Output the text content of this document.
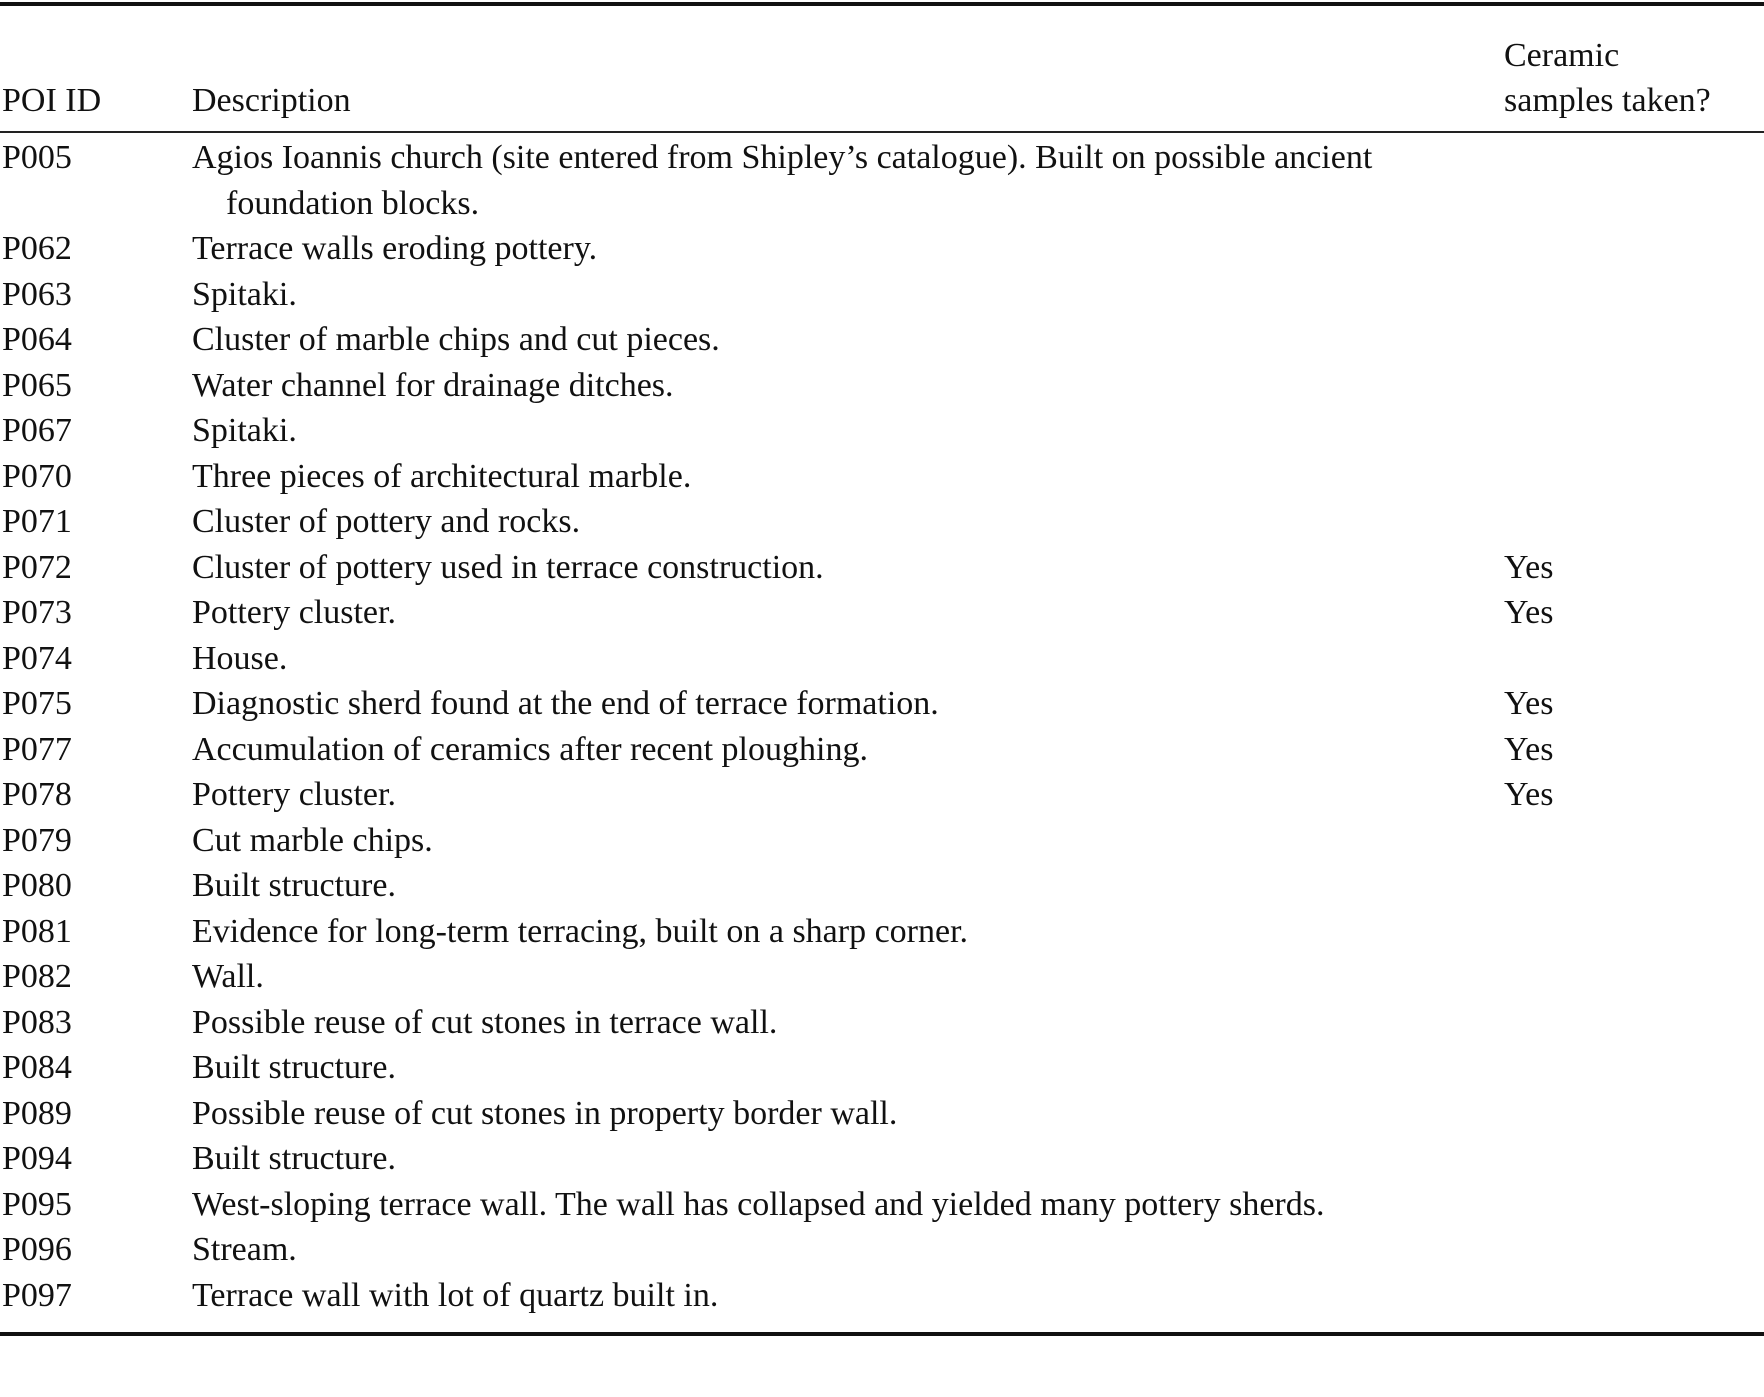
POI ID	Description	Ceramic
samples taken?

P005	Agios Ioannis church (site entered from Shipley’s catalogue). Built on possible ancient foundation blocks.	

P062	Terrace walls eroding pottery.	

P063	Spitaki.	

P064	Cluster of marble chips and cut pieces.	

P065	Water channel for drainage ditches.	

P067	Spitaki.	

P070	Three pieces of architectural marble.	

P071	Cluster of pottery and rocks.	

P072	Cluster of pottery used in terrace construction.	Yes
P073	Pottery cluster.	Yes
P074	House.	

P075	Diagnostic sherd found at the end of terrace formation.	Yes
P077	Accumulation of ceramics after recent ploughing.	Yes
P078	Pottery cluster.	Yes
P079	Cut marble chips.	

P080	Built structure.	

P081	Evidence for long-term terracing, built on a sharp corner.	

P082	Wall.	

P083	Possible reuse of cut stones in terrace wall.	

P084	Built structure.	

P089	Possible reuse of cut stones in property border wall.	

P094	Built structure.	

P095	West-sloping terrace wall. The wall has collapsed and yielded many pottery sherds.	

P096	Stream.	

P097	Terrace wall with lot of quartz built in.	
